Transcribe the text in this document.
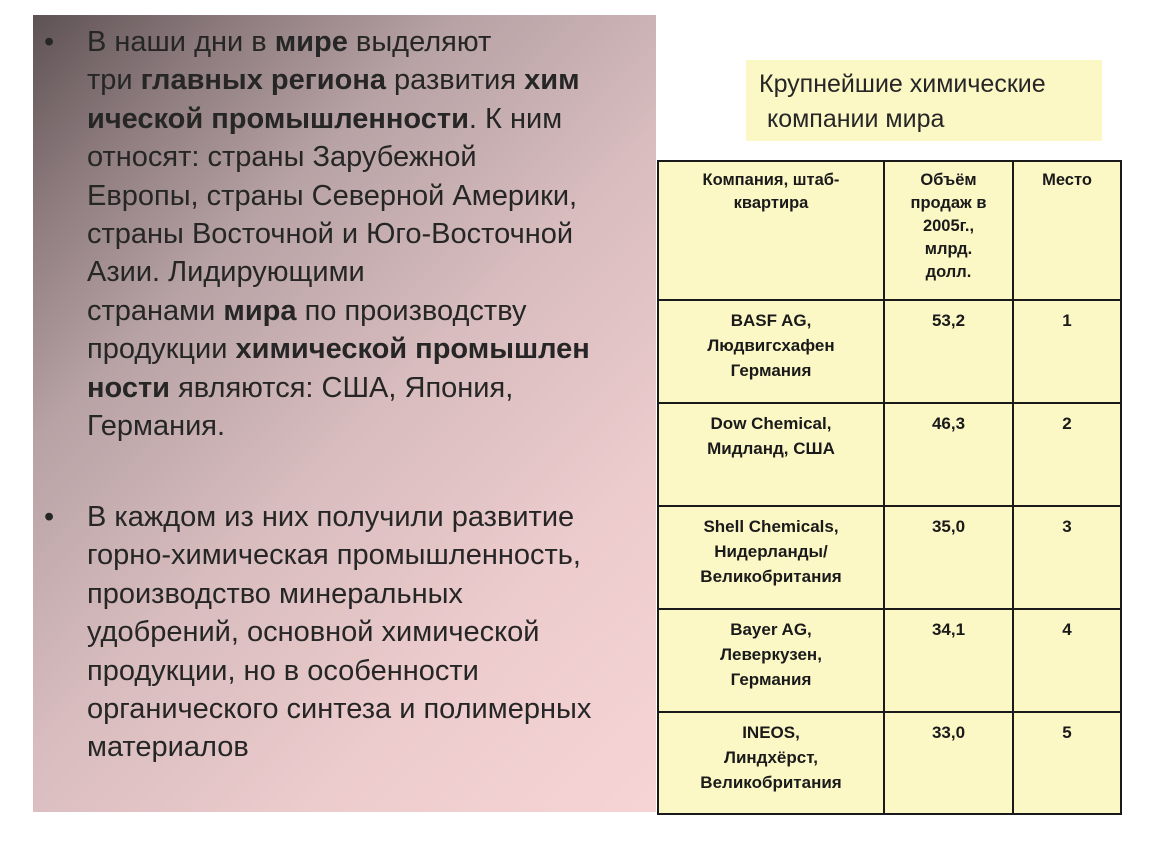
• В наши дни в мире выделяют
три главных региона развития хим
ической промышленности. К ним
относят: страны Зарубежной
Европы, страны Северной Америки,
страны Восточной и Юго-Восточной
Азии. Лидирующими
странами мира по производству
продукции химической промышлен
ности являются: США, Япония,
Германия.
• В каждом из них получили развитие
горно-химическая промышленность,
производство минеральных
удобрений, основной химической
продукции, но в особенности
органического синтеза и полимерных
материалов
Крупнейшие химические
компании мира
Компания, штаб-
квартира	Объём
продаж в
2005г.,
млрд.
долл.	Место

BASF AG,
Людвигсхафен
Германия	53,2	1

Dow Chemical,
Мидланд, США	46,3	2

Shell Chemicals,
Нидерланды/
Великобритания	35,0	3

Bayer AG,
Леверкузен,
Германия	34,1	4

INEOS,
Линдхёрст,
Великобритания	33,0	5
